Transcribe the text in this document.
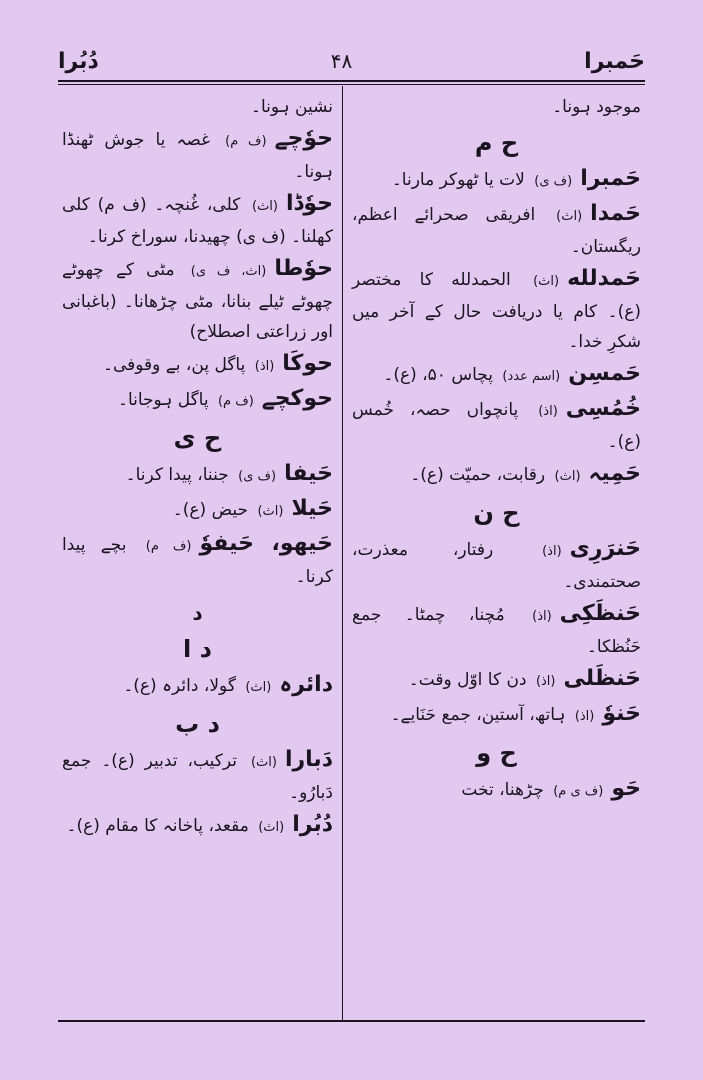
دُبُرا	۴۸	حَمبرا
موجود ہونا۔
ح م
حَمبرا(ف ی) لات یا ٹھوکر مارنا۔
حَمدا(اث) افریقی صحرائے اعظم، ریگستان۔
حَمدلله(اث) الحمدلله کا مختصر (ع)۔ کام یا دریافت حال کے آخر میں شکرِ خدا۔
حَمسِن(اسم عدد) پچاس ۵۰، (ع)۔
خُمُسِی(اذ) پانچواں حصہ، خُمس (ع)۔
حَمِیہ(اث) رقابت، حمیّت (ع)۔
ح ن
حَنرَرِی(اذ) رفتار، معذرت، صحتمندی۔
حَنظَکِی(اذ) مُچنا، چمٹا۔ جمع حَنُظکا۔
حَنظَلی(اذ) دن کا اوّل وقت۔
حَنوٗ(اذ) ہاتھ، آستین، جمع حَنَایے۔
ح و
حَو(ف ی م) چڑھنا، تخت
نشین ہونا۔
حوٗچے(ف م) غصہ یا جوش ٹھنڈا ہونا۔
حوٗڈا(اث) کلی، غُنچہ۔ (ف م) کلی کھلنا۔ (ف ی) چھیدنا، سوراخ کرنا۔
حوٗطا(اث، ف ی) مٹی کے چھوٹے چھوٹے ٹیلے بنانا، مٹی چڑھانا۔ (باغبانی اور زراعتی اصطلاح)
حوکَا(اذ) پاگل پن، بے وقوفی۔
حوکچے(ف م) پاگل ہوجانا۔
ح ی
حَیفا(ف ی) جننا، پیدا کرنا۔
حَیلا(اث) حیض (ع)۔
حَیھو، حَیفوٗ(ف م) بچے پیدا کرنا۔
د
د ا
دائرہ(اث) گولا، دائرہ (ع)۔
د ب
دَبارا(اث) ترکیب، تدبیر (ع)۔ جمع دَبارُو۔
دُبُرا(اث) مقعد، پاخانہ کا مقام (ع)۔
